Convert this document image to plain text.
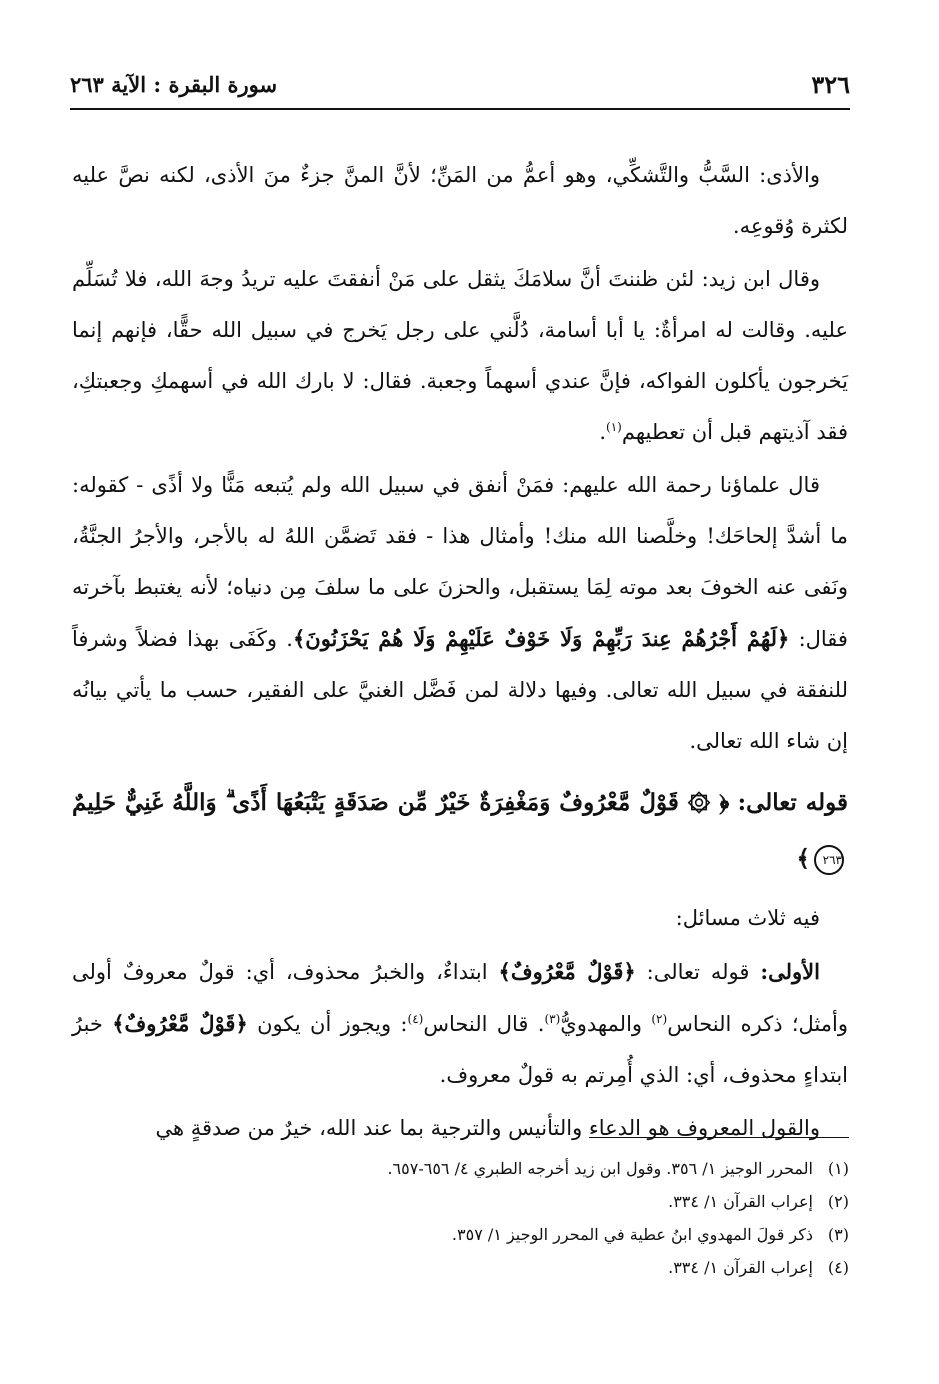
٣٢٦
سورة البقرة : الآية ٢٦٣

والأذى: السَّبُّ والتَّشكِّي، وهو أعمُّ من المَنِّ؛ لأنَّ المنَّ جزءٌ منَ الأذى، لكنه نصَّ عليه لكثرة وُقوعِه.

وقال ابن زيد: لئن ظننتَ أنَّ سلامَكَ يثقل على مَنْ أنفقتَ عليه تريدُ وجهَ الله، فلا تُسَلِّم عليه. وقالت له امرأةٌ: يا أبا أسامة، دُلَّني على رجل يَخرج في سبيل الله حقًّا، فإنهم إنما يَخرجون يأكلون الفواكه، فإنَّ عندي أسهماً وجعبة. فقال: لا بارك الله في أسهمكِ وجعبتكِ، فقد آذيتهم قبل أن تعطيهم$^{(١)}$.

قال علماؤنا رحمة الله عليهم: فمَنْ أنفق في سبيل الله ولم يُتبعه مَنًّا ولا أذًى - كقوله: ما أشدَّ إلحاحَك! وخلَّصنا الله منك! وأمثال هذا - فقد تَضمَّن اللهُ له بالأجر، والأجرُ الجنَّةُ، ونَفى عنه الخوفَ بعد موته لِمَا يستقبل، والحزنَ على ما سلفَ مِن دنياه؛ لأنه يغتبط بآخرته فقال: ﴿لَهُمْ أَجْرُهُمْ عِندَ رَبِّهِمْ وَلَا خَوْفٌ عَلَيْهِمْ وَلَا هُمْ يَحْزَنُونَ﴾. وكَفَى بهذا فضلاً وشرفاً للنفقة في سبيل الله تعالى. وفيها دلالة لمن فَضَّل الغنيَّ على الفقير، حسب ما يأتي بيانُه إن شاء الله تعالى.

قوله تعالى: ﴿ ۞ قَوْلٌ مَّعْرُوفٌ وَمَغْفِرَةٌ خَيْرٌ مِّن صَدَقَةٍ يَتْبَعُهَا أَذًى ۗ وَاللَّهُ غَنِيٌّ حَلِيمٌ ٢٦٣﴾

فيه ثلاث مسائل:

الأولى: قوله تعالى: ﴿قَوْلٌ مَّعْرُوفٌ﴾ ابتداءٌ، والخبرُ محذوف، أي: قولٌ معروفٌ أولى وأمثل؛ ذكره النحاس$^{(٢)}$ والمهدويُّ$^{(٣)}$. قال النحاس$^{(٤)}$: ويجوز أن يكون ﴿قَوْلٌ مَّعْرُوفٌ﴾ خبرُ ابتداءٍ محذوف، أي: الذي أُمِرتم به قولٌ معروف.

والقول المعروف هو الدعاء والتأنيس والترجية بما عند الله، خيرٌ من صدقةٍ هي

(١)
المحرر الوجيز ١/ ٣٥٦. وقول ابن زيد أخرجه الطبري ٤/ ٦٥٦-٦٥٧.
(٢)
إعراب القرآن ١/ ٣٣٤.
(٣)
ذكر قولَ المهدوي ابنُ عطية في المحرر الوجيز ١/ ٣٥٧.
(٤)
إعراب القرآن ١/ ٣٣٤.
